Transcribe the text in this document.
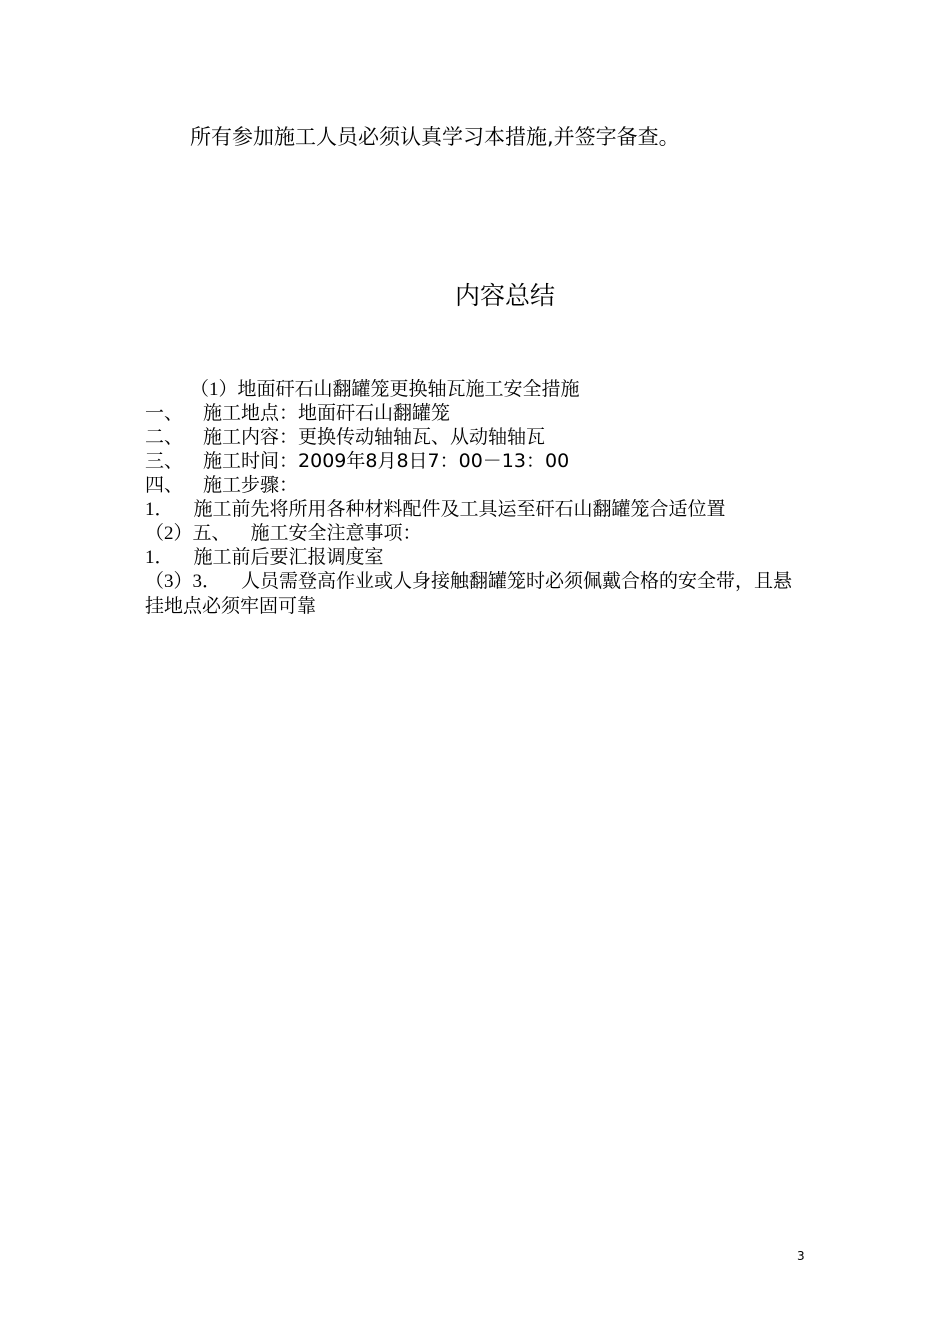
所有参加施工人员必须认真学习本措施,并签字备查。
内容总结
（1）地面矸石山翻罐笼更换轴瓦施工安全措施
一、 施工地点：地面矸石山翻罐笼
二、 施工内容：更换传动轴轴瓦、从动轴轴瓦
三、 施工时间：2009年8月8日7：00－13：00
四、 施工步骤：
1． 施工前先将所用各种材料配件及工具运至矸石山翻罐笼合适位置
（2）五、 施工安全注意事项：
1． 施工前后要汇报调度室
（3）3． 人员需登高作业或人身接触翻罐笼时必须佩戴合格的安全带，且悬挂地点必须牢固可靠
3
